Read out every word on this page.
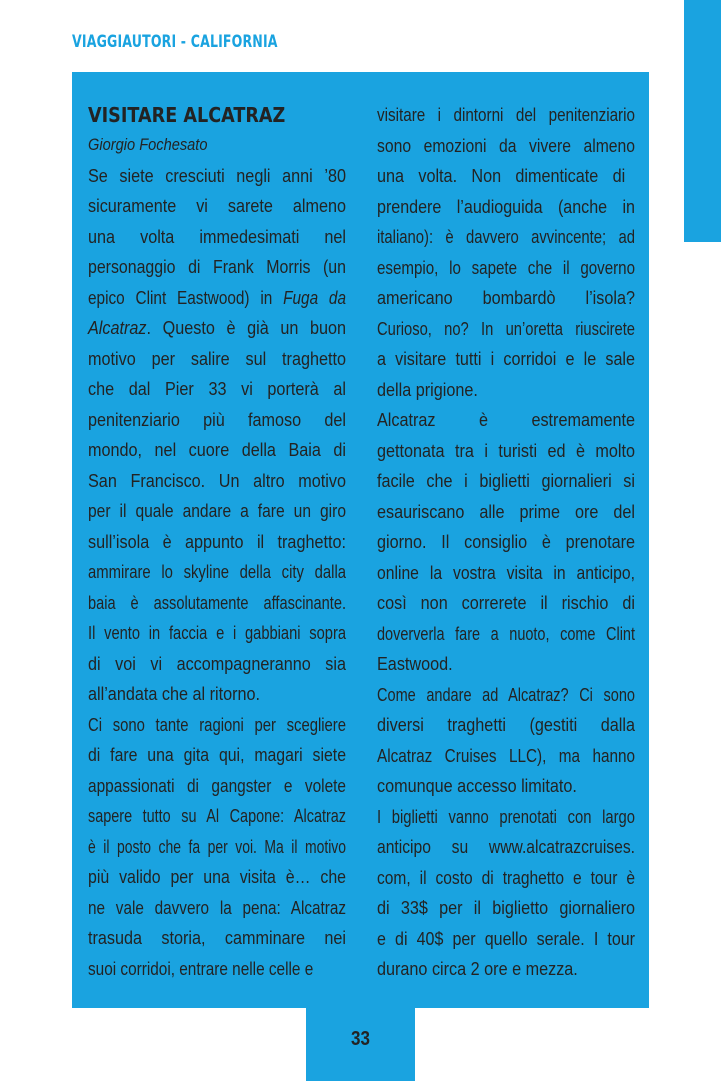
VIAGGIAUTORI - CALIFORNIA
VISITARE ALCATRAZ
Giorgio Fochesato
Se siete cresciuti negli anni ’80
sicuramente vi sarete almeno
una volta immedesimati nel
personaggio di Frank Morris (un
epico Clint Eastwood) in Fuga da
Alcatraz. Questo è già un buon
motivo per salire sul traghetto
che dal Pier 33 vi porterà al
penitenziario più famoso del
mondo, nel cuore della Baia di
San Francisco. Un altro motivo
per il quale andare a fare un giro
sull’isola è appunto il traghetto:
ammirare lo skyline della city dalla
baia è assolutamente affascinante.
Il vento in faccia e i gabbiani sopra
di voi vi accompagneranno sia
all’andata che al ritorno.
Ci sono tante ragioni per scegliere
di fare una gita qui, magari siete
appassionati di gangster e volete
sapere tutto su Al Capone: Alcatraz
è il posto che fa per voi. Ma il motivo
più valido per una visita è… che
ne vale davvero la pena: Alcatraz
trasuda storia, camminare nei
suoi corridoi, entrare nelle celle e
visitare i dintorni del penitenziario
sono emozioni da vivere almeno
una volta. Non dimenticate di
prendere l’audioguida (anche in
italiano): è davvero avvincente; ad
esempio, lo sapete che il governo
americano bombardò l’isola?
Curioso, no? In un’oretta riuscirete
a visitare tutti i corridoi e le sale
della prigione.
Alcatraz è estremamente
gettonata tra i turisti ed è molto
facile che i biglietti giornalieri si
esauriscano alle prime ore del
giorno. Il consiglio è prenotare
online la vostra visita in anticipo,
così non correrete il rischio di
doververla fare a nuoto, come Clint
Eastwood.
Come andare ad Alcatraz? Ci sono
diversi traghetti (gestiti dalla
Alcatraz Cruises LLC), ma hanno
comunque accesso limitato.
I biglietti vanno prenotati con largo
anticipo su www.alcatrazcruises.
com, il costo di traghetto e tour è
di 33$ per il biglietto giornaliero
e di 40$ per quello serale. I tour
durano circa 2 ore e mezza.
33
